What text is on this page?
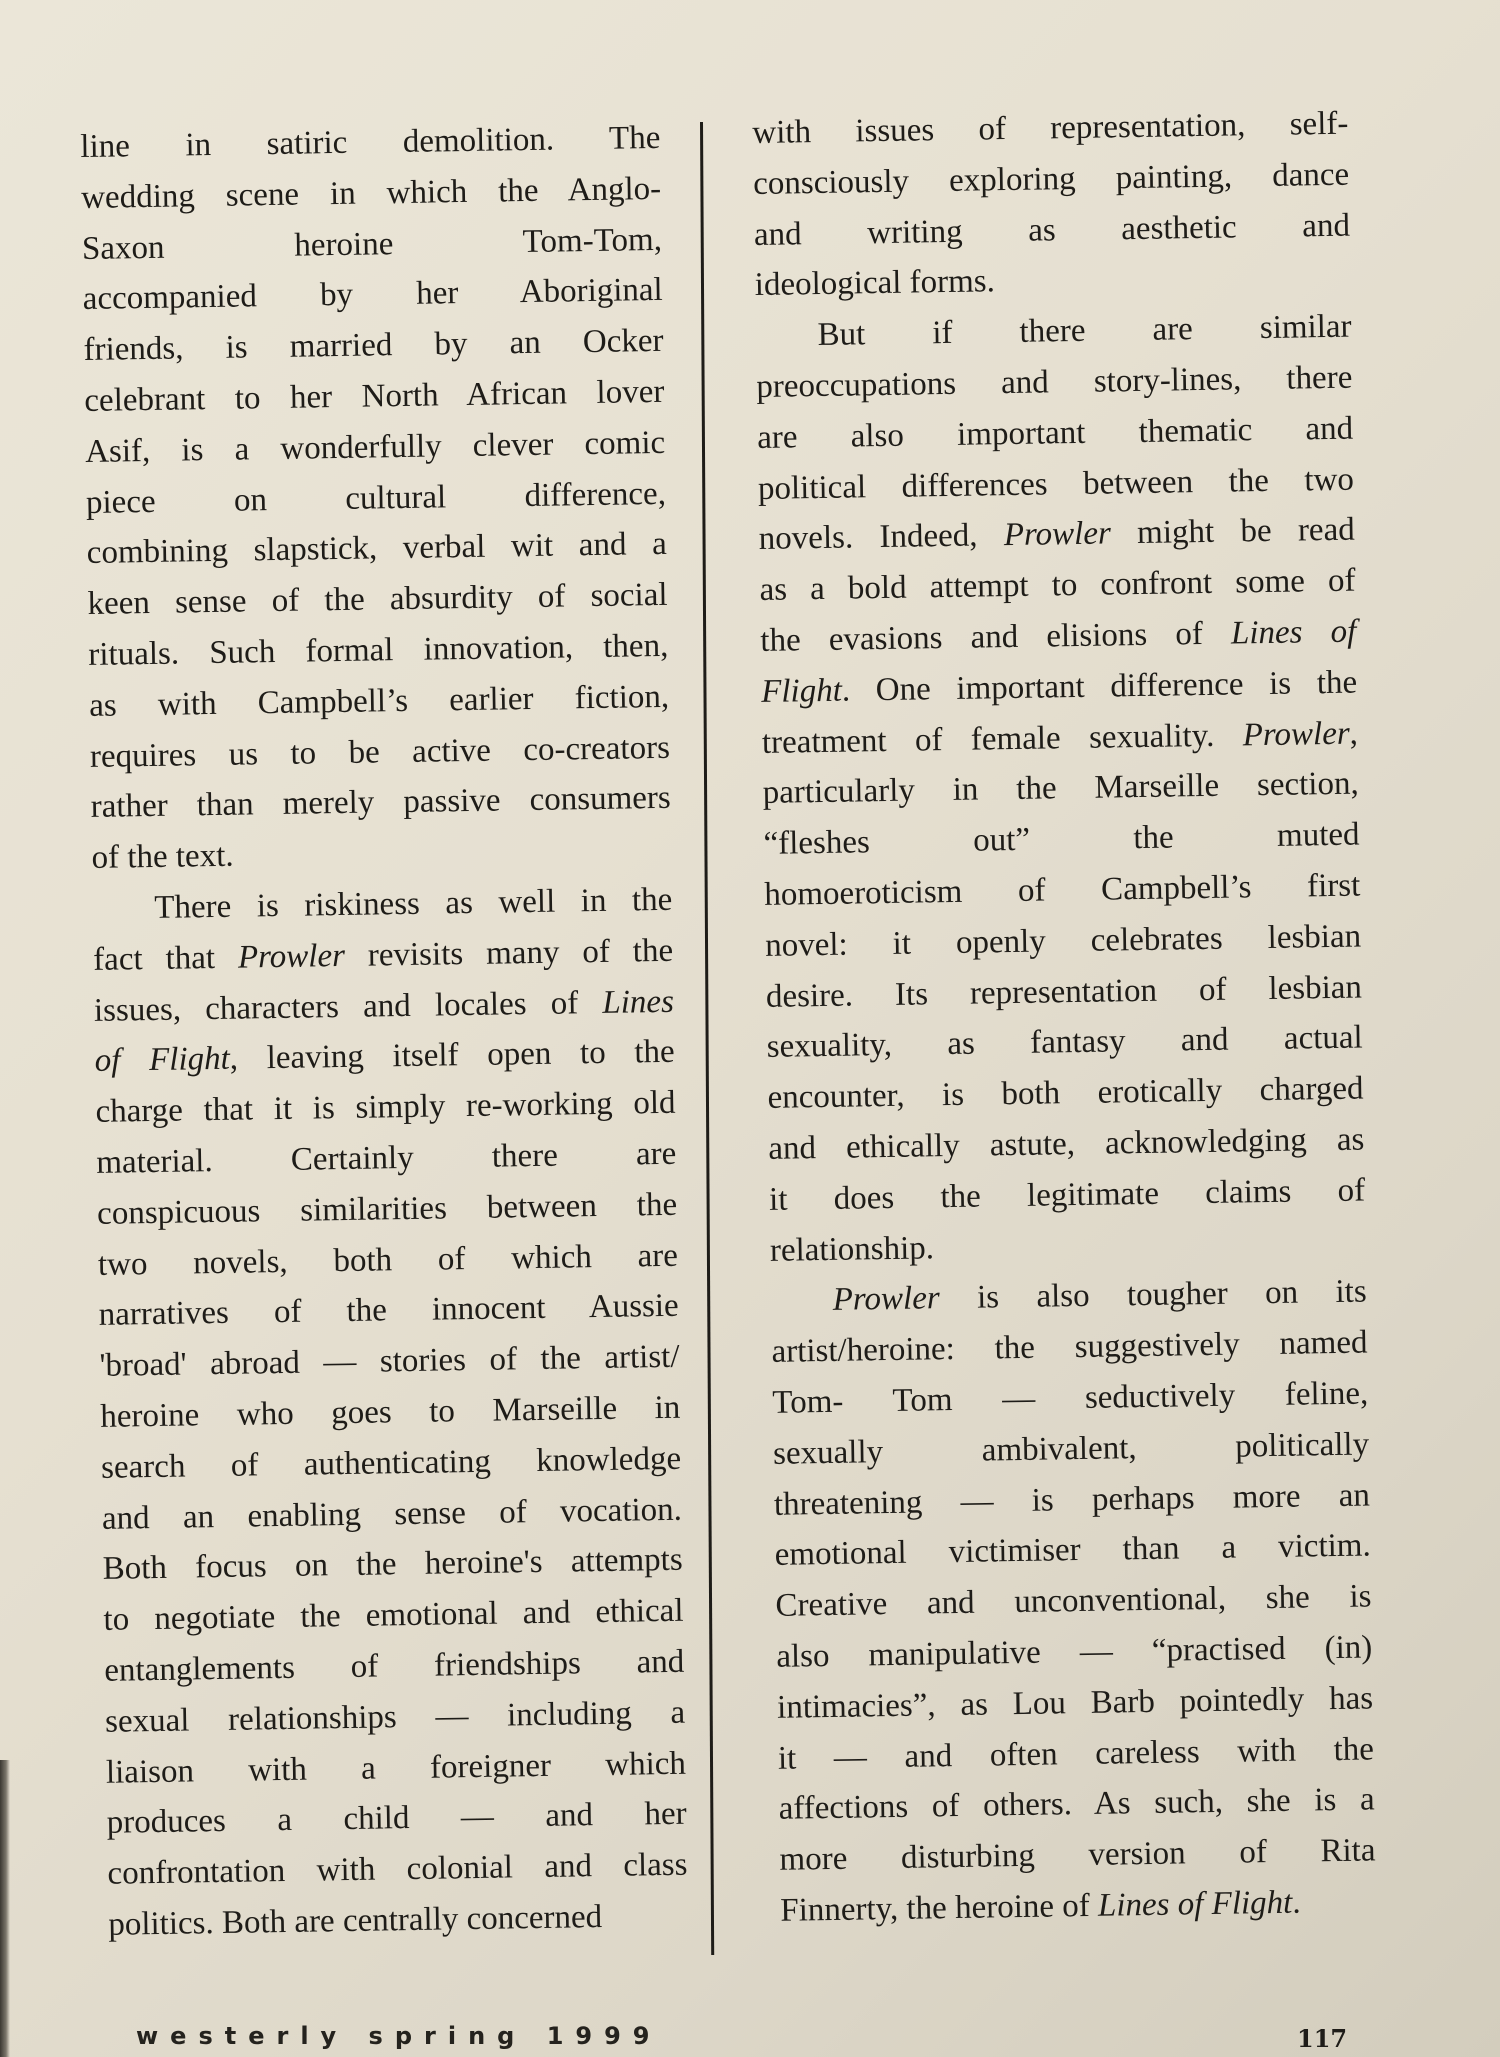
line in satiric demolition. The
wedding scene in which the Anglo-
Saxon heroine Tom-Tom,
accompanied by her Aboriginal
friends, is married by an Ocker
celebrant to her North African lover
Asif, is a wonderfully clever comic
piece on cultural difference,
combining slapstick, verbal wit and a
keen sense of the absurdity of social
rituals. Such formal innovation, then,
as with Campbell’s earlier fiction,
requires us to be active co-creators
rather than merely passive consumers
of the text.
There is riskiness as well in the
fact that Prowler revisits many of the
issues, characters and locales of Lines
of Flight, leaving itself open to the
charge that it is simply re-working old
material. Certainly there are
conspicuous similarities between the
two novels, both of which are
narratives of the innocent Aussie
'broad' abroad — stories of the artist/
heroine who goes to Marseille in
search of authenticating knowledge
and an enabling sense of vocation.
Both focus on the heroine's attempts
to negotiate the emotional and ethical
entanglements of friendships and
sexual relationships — including a
liaison with a foreigner which
produces a child — and her
confrontation with colonial and class
politics. Both are centrally concerned
with issues of representation, self-
consciously exploring painting, dance
and writing as aesthetic and
ideological forms.
But if there are similar
preoccupations and story-lines, there
are also important thematic and
political differences between the two
novels. Indeed, Prowler might be read
as a bold attempt to confront some of
the evasions and elisions of Lines of
Flight. One important difference is the
treatment of female sexuality. Prowler,
particularly in the Marseille section,
“fleshes out” the muted
homoeroticism of Campbell’s first
novel: it openly celebrates lesbian
desire. Its representation of lesbian
sexuality, as fantasy and actual
encounter, is both erotically charged
and ethically astute, acknowledging as
it does the legitimate claims of
relationship.
Prowler is also tougher on its
artist/heroine: the suggestively named
Tom- Tom — seductively feline,
sexually ambivalent, politically
threatening — is perhaps more an
emotional victimiser than a victim.
Creative and unconventional, she is
also manipulative — “practised (in)
intimacies”, as Lou Barb pointedly has
it — and often careless with the
affections of others. As such, she is a
more disturbing version of Rita
Finnerty, the heroine of Lines of Flight.
westerly spring 1999	117
